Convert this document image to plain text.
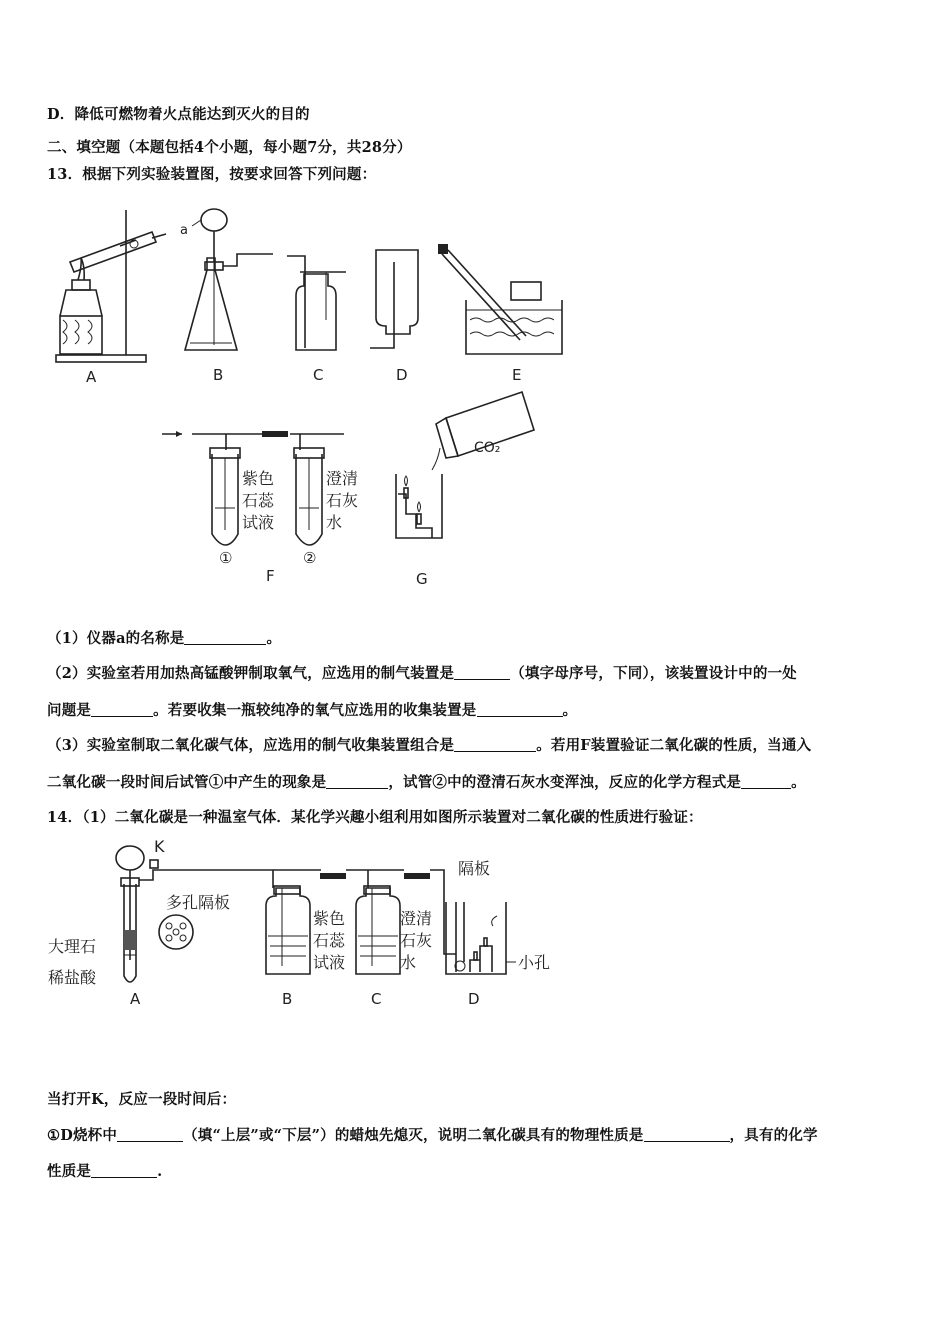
D．降低可燃物着火点能达到灭火的目的
二、填空题（本题包括4个小题，每小题7分，共28分）
13．根据下列实验装置图，按要求回答下列问题：
（1）仪器a的名称是	。
（2）实验室若用加热高锰酸钾制取氧气，应选用的制气装置是	（填字母序号，下同），该装置设计中的一处
问题是	。若要收集一瓶较纯净的氧气应选用的收集装置是	。
（3）实验室制取二氧化碳气体，应选用的制气收集装置组合是	。若用F装置验证二氧化碳的性质，当通入
二氧化碳一段时间后试管①中产生的现象是	，试管②中的澄清石灰水变浑浊，反应的化学方程式是	。
14．（1）二氧化碳是一种温室气体．某化学兴趣小组利用如图所示装置对二氧化碳的性质进行验证：
当打开K，反应一段时间后：
①D烧杯中	（填“上层”或“下层”）的蜡烛先熄灭，说明二氧化碳具有的物理性质是	，具有的化学
性质是	.
A	B	C	D	E
a
紫色
石蕊
试液
澄清
石灰
水
①	②
F
CO₂
G
K
多孔隔板
大理石
稀盐酸
隔板
紫色
石蕊
试液
澄清
石灰
水	小孔
A	B	C	D
